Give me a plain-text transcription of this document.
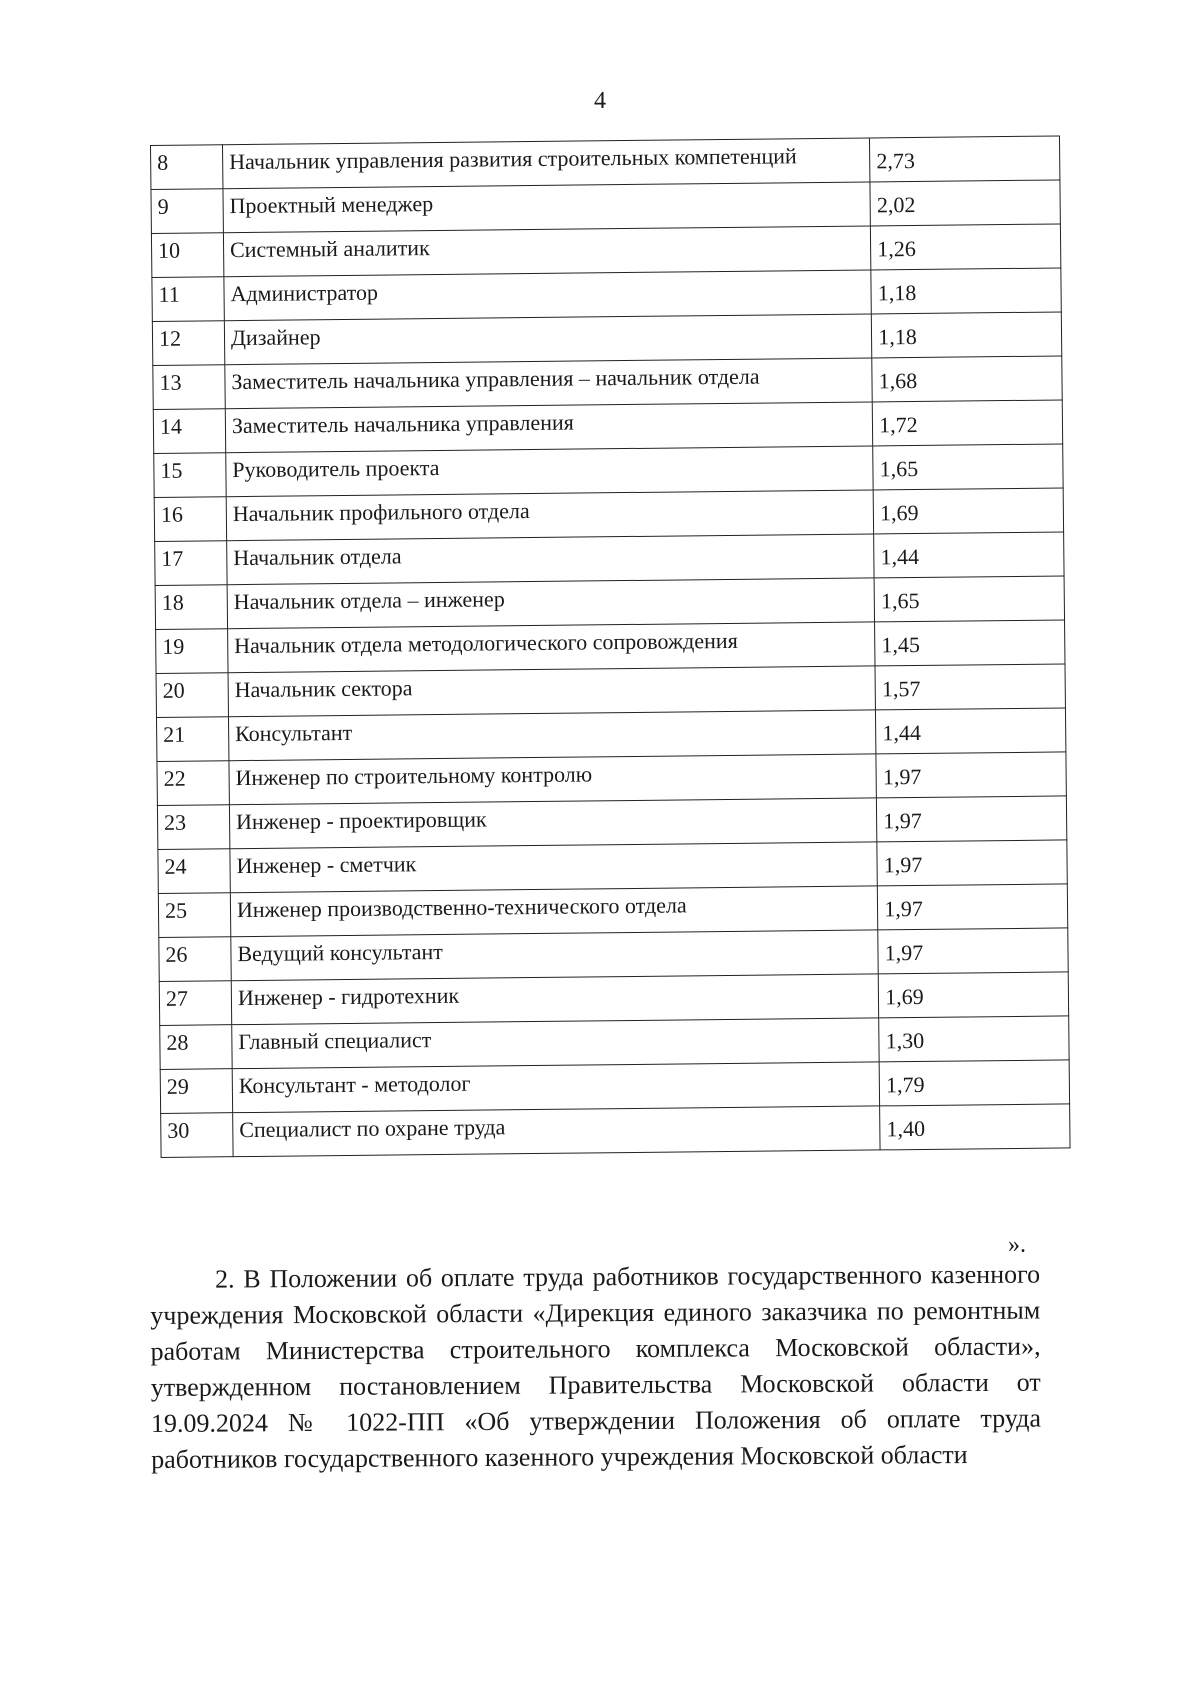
4
8	Начальник управления развития строительных компетенций	2,73
9	Проектный менеджер	2,02
10	Системный аналитик	1,26
11	Администратор	1,18
12	Дизайнер	1,18
13	Заместитель начальника управления – начальник отдела	1,68
14	Заместитель начальника управления	1,72
15	Руководитель проекта	1,65
16	Начальник профильного отдела	1,69
17	Начальник отдела	1,44
18	Начальник отдела – инженер	1,65
19	Начальник отдела методологического сопровождения	1,45
20	Начальник сектора	1,57
21	Консультант	1,44
22	Инженер по строительному контролю	1,97
23	Инженер - проектировщик	1,97
24	Инженер - сметчик	1,97
25	Инженер производственно-технического отдела	1,97
26	Ведущий консультант	1,97
27	Инженер - гидротехник	1,69
28	Главный специалист	1,30
29	Консультант - методолог	1,79
30	Специалист по охране труда	1,40
».
2. В Положении об оплате труда работников государственного казенного учреждения Московской области «Дирекция единого заказчика по ремонтным работам Министерства строительного комплекса Московской области», утвержденном постановлением Правительства Московской области от 19.09.2024 № 1022-ПП «Об утверждении Положения об оплате труда работников государственного казенного учреждения Московской области
